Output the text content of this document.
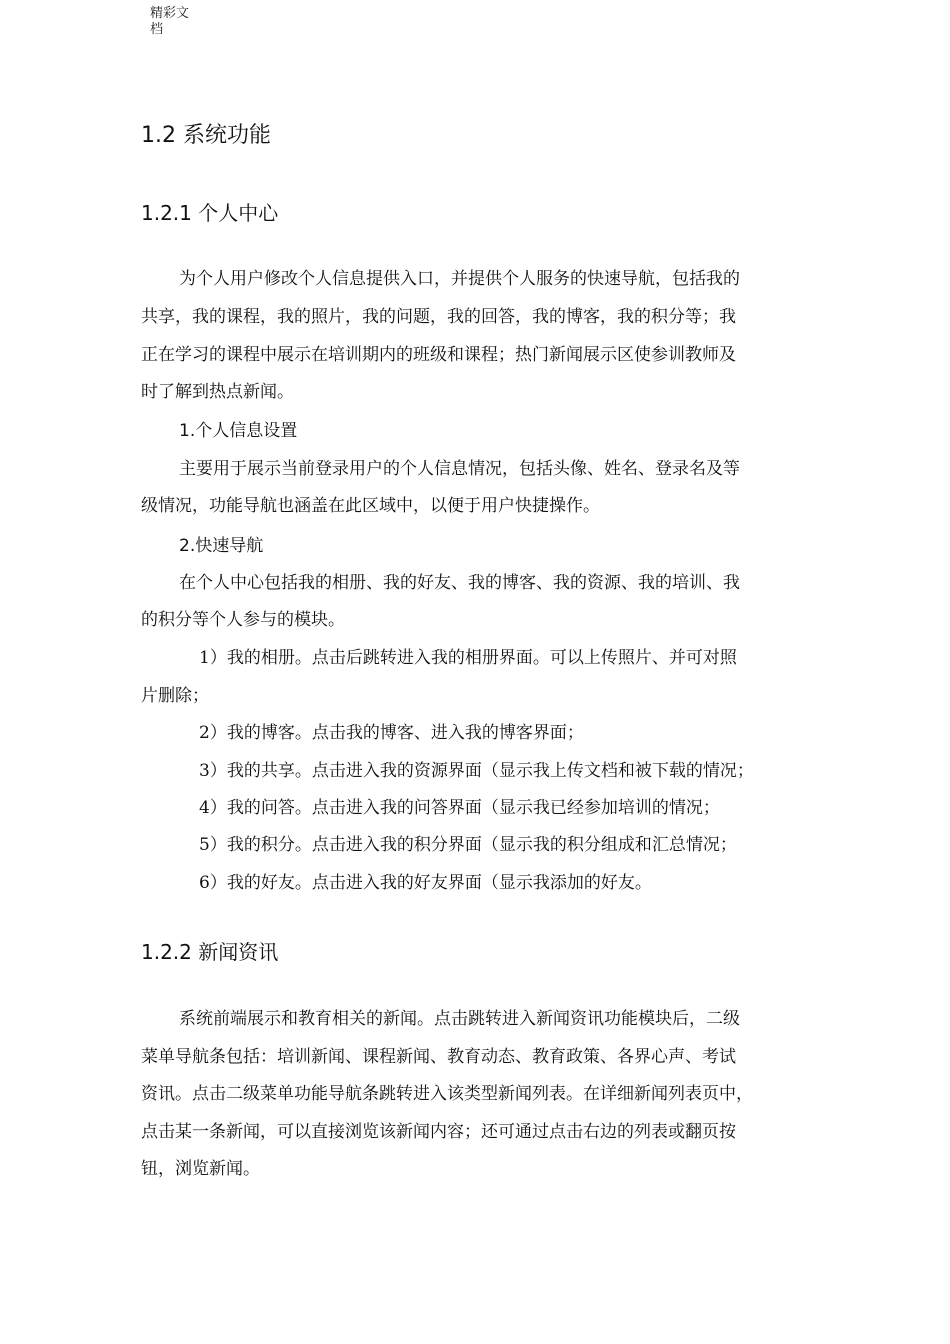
精彩文
档
1.2 系统功能
1.2.1 个人中心
为个人用户修改个人信息提供入口，并提供个人服务的快速导航，包括我的
共享，我的课程，我的照片，我的问题，我的回答，我的博客，我的积分等；我
正在学习的课程中展示在培训期内的班级和课程；热门新闻展示区使参训教师及
时了解到热点新闻。
1.个人信息设置
主要用于展示当前登录用户的个人信息情况，包括头像、姓名、登录名及等
级情况，功能导航也涵盖在此区域中，以便于用户快捷操作。
2.快速导航
在个人中心包括我的相册、我的好友、我的博客、我的资源、我的培训、我
的积分等个人参与的模块。
1）我的相册。点击后跳转进入我的相册界面。可以上传照片、并可对照
片删除；
2）我的博客。点击我的博客、进入我的博客界面；
3）我的共享。点击进入我的资源界面（显示我上传文档和被下载的情况；
4）我的问答。点击进入我的问答界面（显示我已经参加培训的情况；
5）我的积分。点击进入我的积分界面（显示我的积分组成和汇总情况；
6）我的好友。点击进入我的好友界面（显示我添加的好友。
1.2.2 新闻资讯
系统前端展示和教育相关的新闻。点击跳转进入新闻资讯功能模块后，二级
菜单导航条包括：培训新闻、课程新闻、教育动态、教育政策、各界心声、考试
资讯。点击二级菜单功能导航条跳转进入该类型新闻列表。在详细新闻列表页中，
点击某一条新闻，可以直接浏览该新闻内容；还可通过点击右边的列表或翻页按
钮，浏览新闻。
